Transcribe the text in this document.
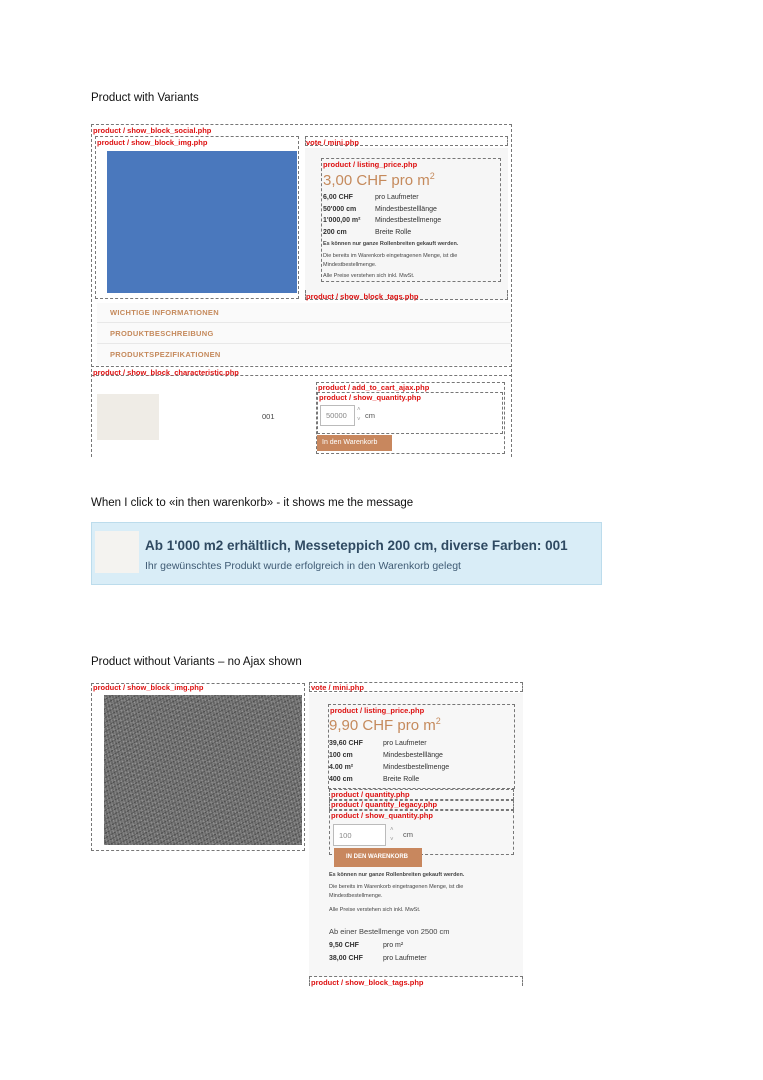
Product with Variants
product / show_block_social.php
product / show_block_img.php	vote / mini.php
product / listing_price.php
3,00 CHF pro $m^2$
6,00 CHF	pro Laufmeter
50'000 cm	Mindestbestelllänge
1'000,00 m² Mindestbestellmenge
200 cm	Breite Rolle
Es können nur ganze Rollenbreiten gekauft werden.
Die bereits im Warenkorb eingetragenen Menge, ist die Mindestbestellmenge.
Alle Preise verstehen sich inkl. MwSt.
product / show_block_tags.php
WICHTIGE INFORMATIONEN
PRODUKTBESCHREIBUNG
PRODUKTSPEZIFIKATIONEN
product / show_block_characteristic.php
001
product / add_to_cart_ajax.php
product / show_quantity.php
50000
˄
˅ cm
In den Warenkorb
When I click to «in then warenkorb» - it shows me the message
Ab 1'000 m2 erhältlich, Messeteppich 200 cm, diverse Farben: 001
Ihr gewünschtes Produkt wurde erfolgreich in den Warenkorb gelegt
Product without Variants – no Ajax shown
product / show_block_img.php	vote / mini.php
product / listing_price.php
9,90 CHF pro $m^2$
39,60 CHF	pro Laufmeter
100 cm	Mindesbestelllänge
4.00 m²	Mindestbestellmenge
400 cm	Breite Rolle
product / quantity.php
product / quantity_legacy.php
product / show_quantity.php
100
˄
˅
cm
IN DEN WARENKORB
Es können nur ganze Rollenbreiten gekauft werden.
Die bereits im Warenkorb eingetragenen Menge, ist die Mindestbestellmenge.
Alle Preise verstehen sich inkl. MwSt.
Ab einer Bestellmenge von 2500 cm
9,50 CHF	pro m²
38,00 CHF	pro Laufmeter
product / show_block_tags.php
